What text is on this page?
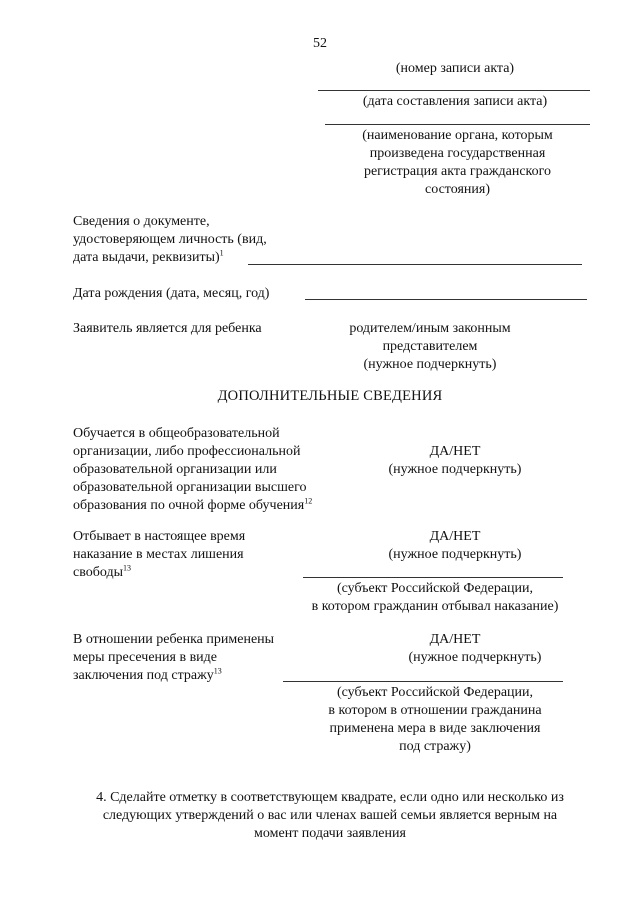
52
(номер записи акта)
(дата составления записи акта)
(наименование органа, которым
произведена государственная
регистрация акта гражданского
состояния)
Сведения о документе,
удостоверяющем личность (вид,
дата выдачи, реквизиты)$^1$
Дата рождения (дата, месяц, год)
Заявитель является для ребенка	родителем/иным законным
представителем
(нужное подчеркнуть)
ДОПОЛНИТЕЛЬНЫЕ СВЕДЕНИЯ
Обучается в общеобразовательной
организации, либо профессиональной
образовательной организации или
образовательной организации высшего
образования по очной форме обучения$^{12}$
ДА/НЕТ
(нужное подчеркнуть)
Отбывает в настоящее время
наказание в местах лишения
свободы$^{13}$
ДА/НЕТ
(нужное подчеркнуть)
(субъект Российской Федерации,
в котором гражданин отбывал наказание)
В отношении ребенка применены
меры пресечения в виде
заключения под стражу$^{13}$
ДА/НЕТ
(нужное подчеркнуть)
(субъект Российской Федерации,
в котором в отношении гражданина
применена мера в виде заключения
под стражу)
4. Сделайте отметку в соответствующем квадрате, если одно или несколько из
следующих утверждений о вас или членах вашей семьи является верным на
момент подачи заявления
